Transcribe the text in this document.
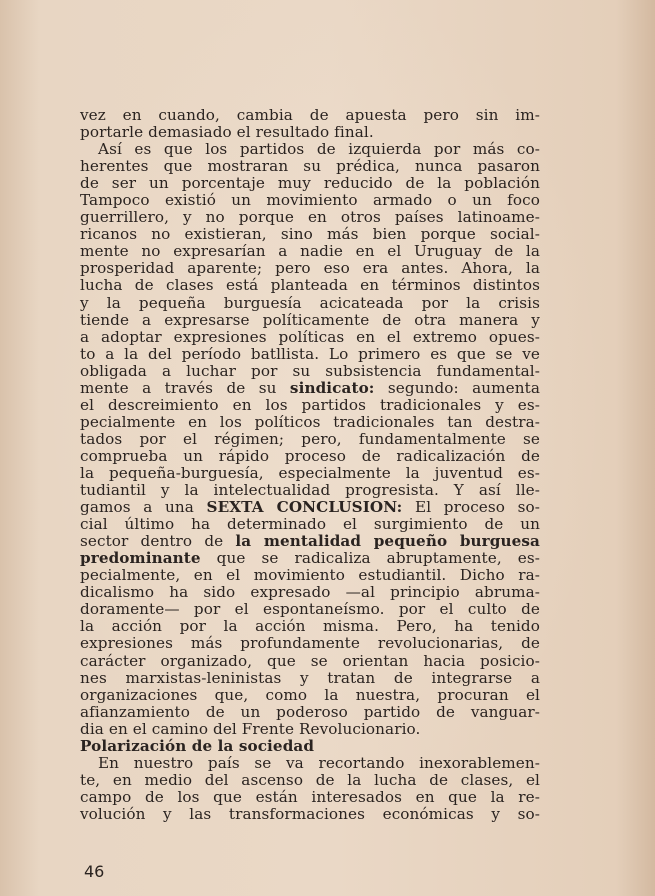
vez en cuando, cambia de apuesta pero sin im-
portarle demasiado el resultado final.
Así es que los partidos de izquierda por más co-
herentes que mostraran su prédica, nunca pasaron
de ser un porcentaje muy reducido de la población
Tampoco existió un movimiento armado o un foco
guerrillero, y no porque en otros países latinoame-
ricanos no existieran, sino más bien porque social-
mente no expresarían a nadie en el Uruguay de la
prosperidad aparente; pero eso era antes. Ahora, la
lucha de clases está planteada en términos distintos
y la pequeña burguesía acicateada por la crisis
tiende a expresarse políticamente de otra manera y
a adoptar expresiones políticas en el extremo opues-
to a la del período batllista. Lo primero es que se ve
obligada a luchar por su subsistencia fundamental-
mente a través de su sindicato: segundo: aumenta
el descreimiento en los partidos tradicionales y es-
pecialmente en los políticos tradicionales tan destra-
tados por el régimen; pero, fundamentalmente se
comprueba un rápido proceso de radicalización de
la pequeña-burguesía, especialmente la juventud es-
tudiantil y la intelectualidad progresista. Y así lle-
gamos a una SEXTA CONCLUSION: El proceso so-
cial último ha determinado el surgimiento de un
sector dentro de la mentalidad pequeño burguesa
predominante que se radicaliza abruptamente, es-
pecialmente, en el movimiento estudiantil. Dicho ra-
dicalismo ha sido expresado —al principio abruma-
doramente— por el espontaneísmo. por el culto de
la acción por la acción misma. Pero, ha tenido
expresiones más profundamente revolucionarias, de
carácter organizado, que se orientan hacia posicio-
nes marxistas-leninistas y tratan de integrarse a
organizaciones que, como la nuestra, procuran el
afianzamiento de un poderoso partido de vanguar-
dia en el camino del Frente Revolucionario.
Polarización de la sociedad
En nuestro país se va recortando inexorablemen-
te, en medio del ascenso de la lucha de clases, el
campo de los que están interesados en que la re-
volución y las transformaciones económicas y so-
46
